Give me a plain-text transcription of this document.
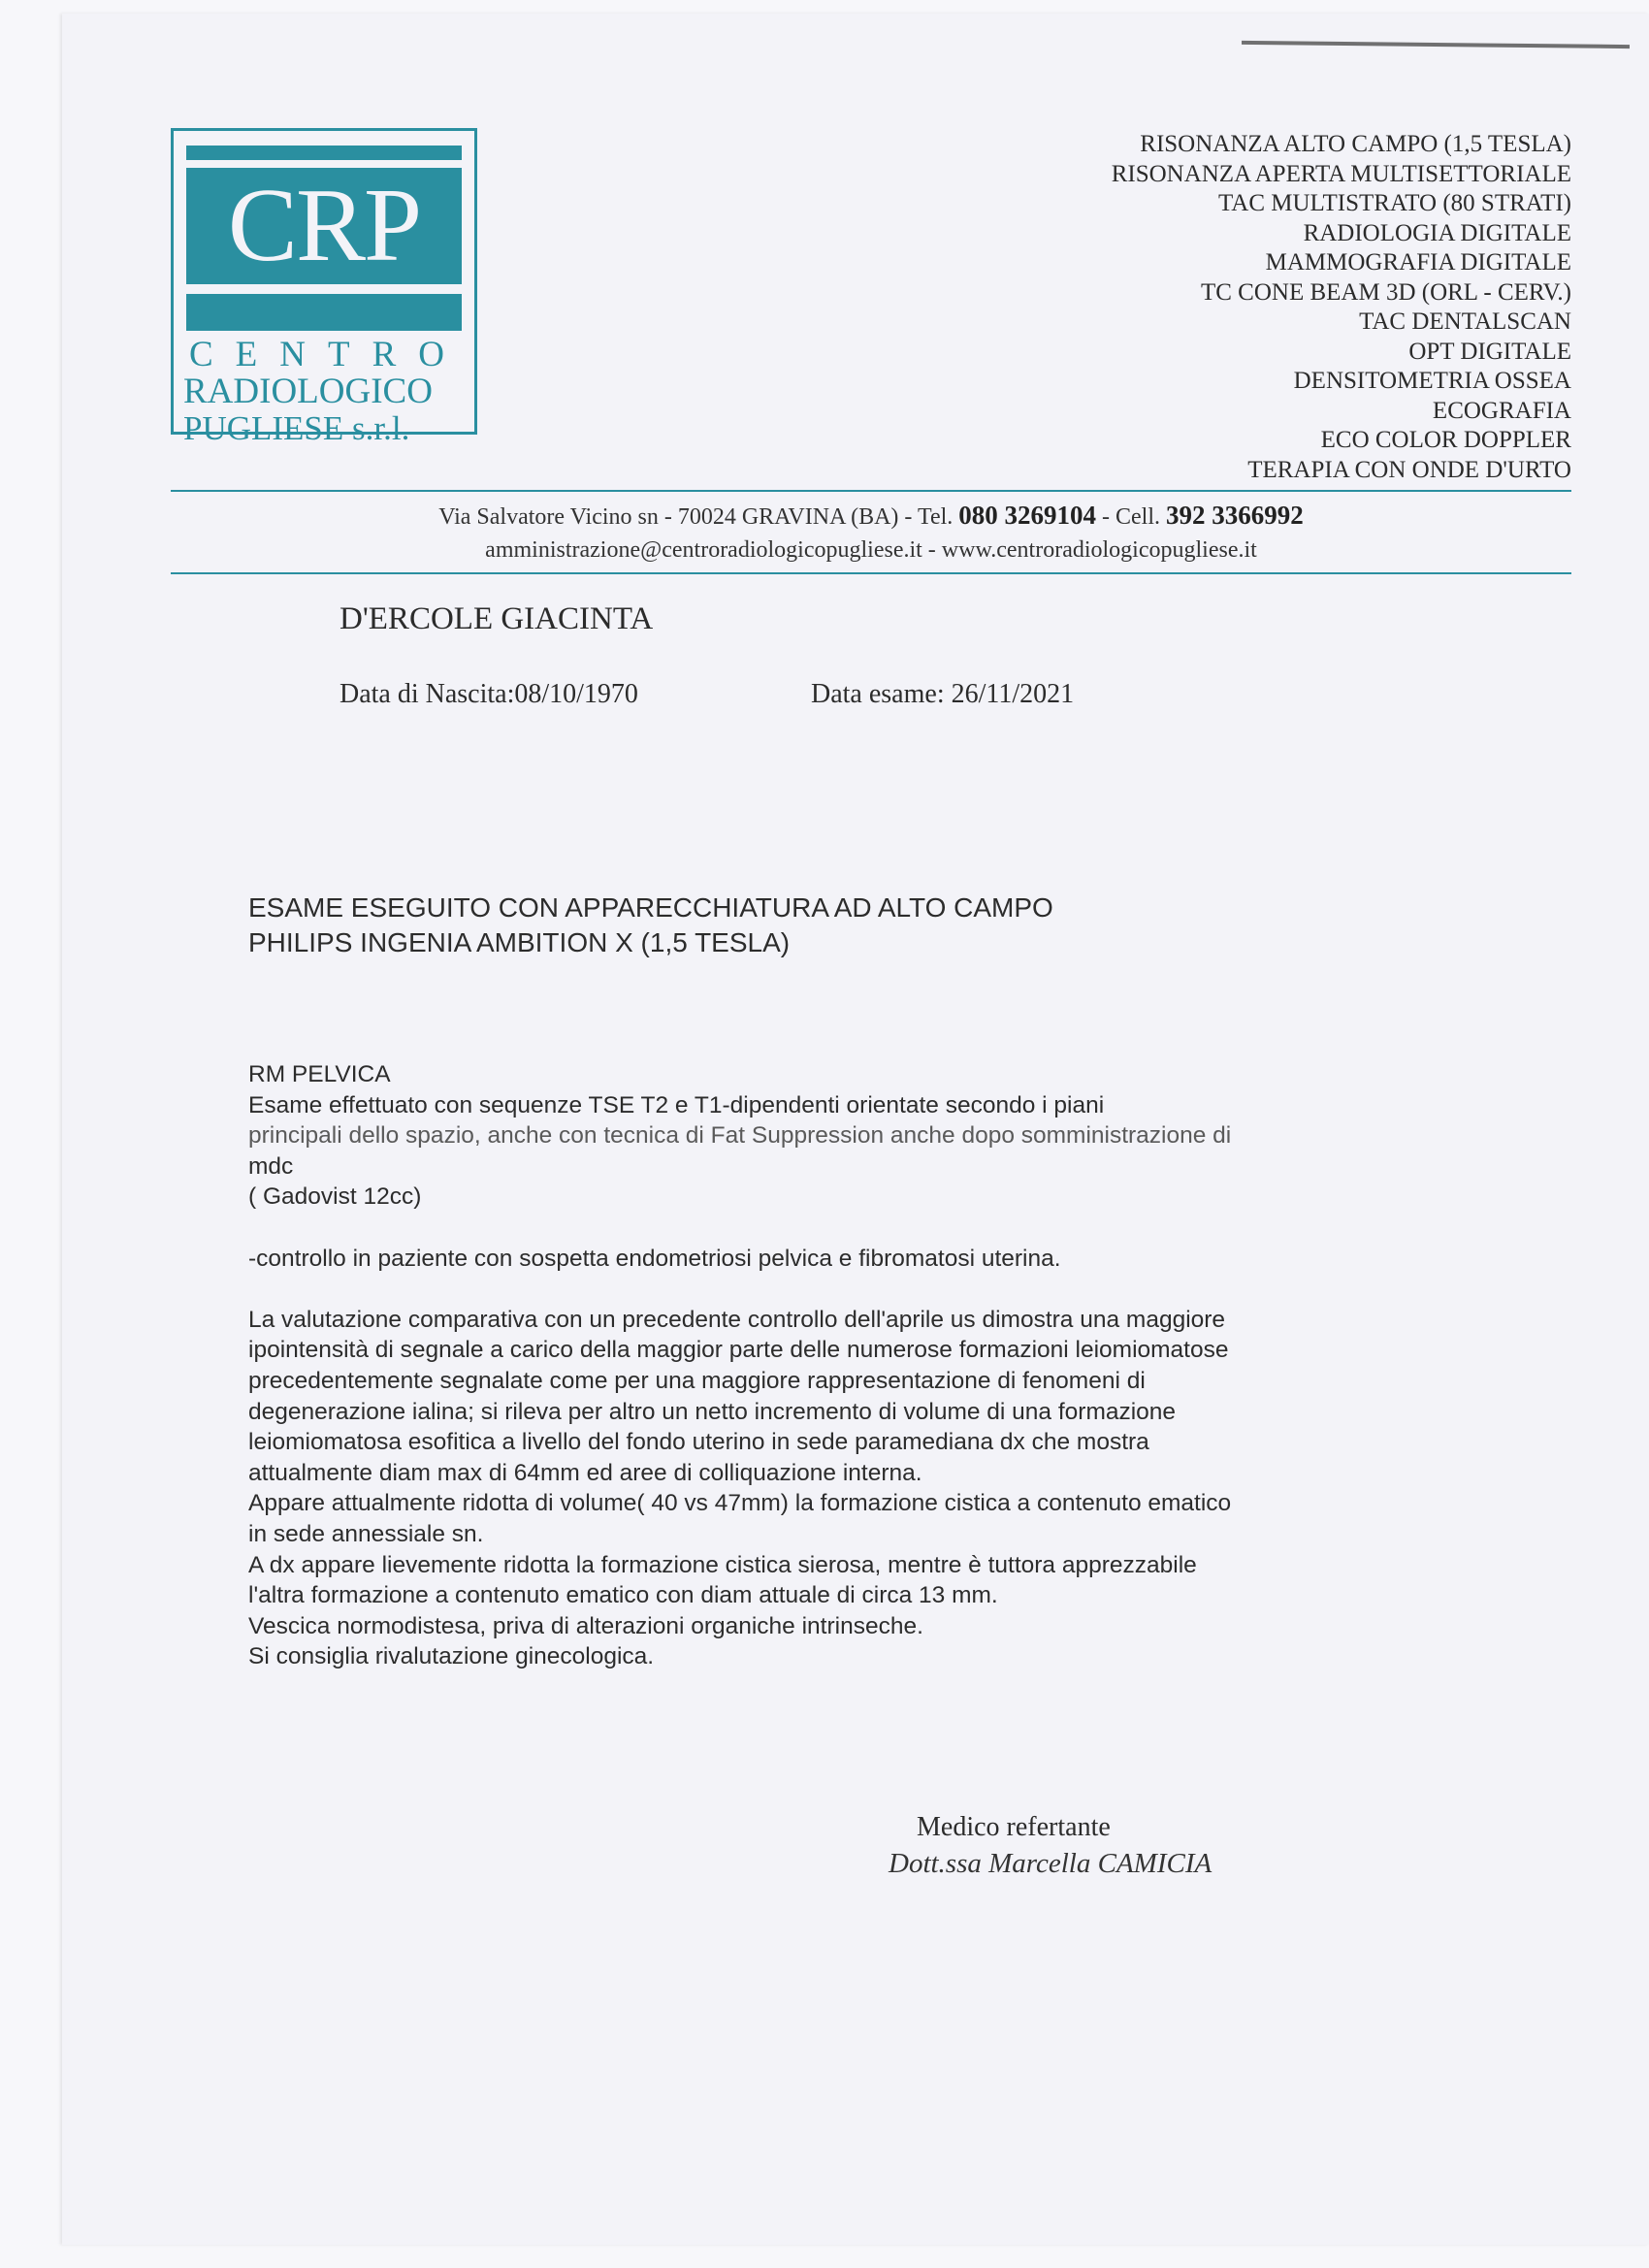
CRP
CENTRO
RADIOLOGICO
PUGLIESE s.r.l.
RISONANZA ALTO CAMPO (1,5 TESLA)
RISONANZA APERTA MULTISETTORIALE
TAC MULTISTRATO (80 STRATI)
RADIOLOGIA DIGITALE
MAMMOGRAFIA DIGITALE
TC CONE BEAM 3D (ORL - CERV.)
TAC DENTALSCAN
OPT DIGITALE
DENSITOMETRIA OSSEA
ECOGRAFIA
ECO COLOR DOPPLER
TERAPIA CON ONDE D'URTO
Via Salvatore Vicino sn - 70024 GRAVINA (BA) - Tel. 080 3269104 - Cell. 392 3366992
amministrazione@centroradiologicopugliese.it - www.centroradiologicopugliese.it
D'ERCOLE GIACINTA
Data di Nascita:08/10/1970	Data esame: 26/11/2021
ESAME ESEGUITO CON APPARECCHIATURA AD ALTO CAMPO
PHILIPS INGENIA AMBITION X (1,5 TESLA)

RM PELVICA

Esame effettuato con sequenze TSE T2 e T1-dipendenti orientate secondo i piani

principali dello spazio, anche con tecnica di Fat Suppression anche dopo somministrazione di

mdc

( Gadovist 12cc)

-controllo in paziente con sospetta endometriosi pelvica e fibromatosi uterina.

La valutazione comparativa con un precedente controllo dell'aprile us dimostra una maggiore

ipointensità di segnale a carico della maggior parte delle numerose formazioni leiomiomatose

precedentemente segnalate come per una maggiore rappresentazione di fenomeni di

degenerazione ialina; si rileva per altro un netto incremento di volume di una formazione

leiomiomatosa esofitica a livello del fondo uterino in sede paramediana dx che mostra

attualmente diam max di 64mm ed aree di colliquazione interna.

Appare attualmente ridotta di volume( 40 vs 47mm) la formazione cistica a contenuto ematico

in sede annessiale sn.

A dx appare lievemente ridotta la formazione cistica sierosa, mentre è tuttora apprezzabile

l'altra formazione a contenuto ematico con diam attuale di circa 13 mm.

Vescica normodistesa, priva di alterazioni organiche intrinseche.

Si consiglia rivalutazione ginecologica.

Medico refertante
Dott.ssa Marcella CAMICIA
